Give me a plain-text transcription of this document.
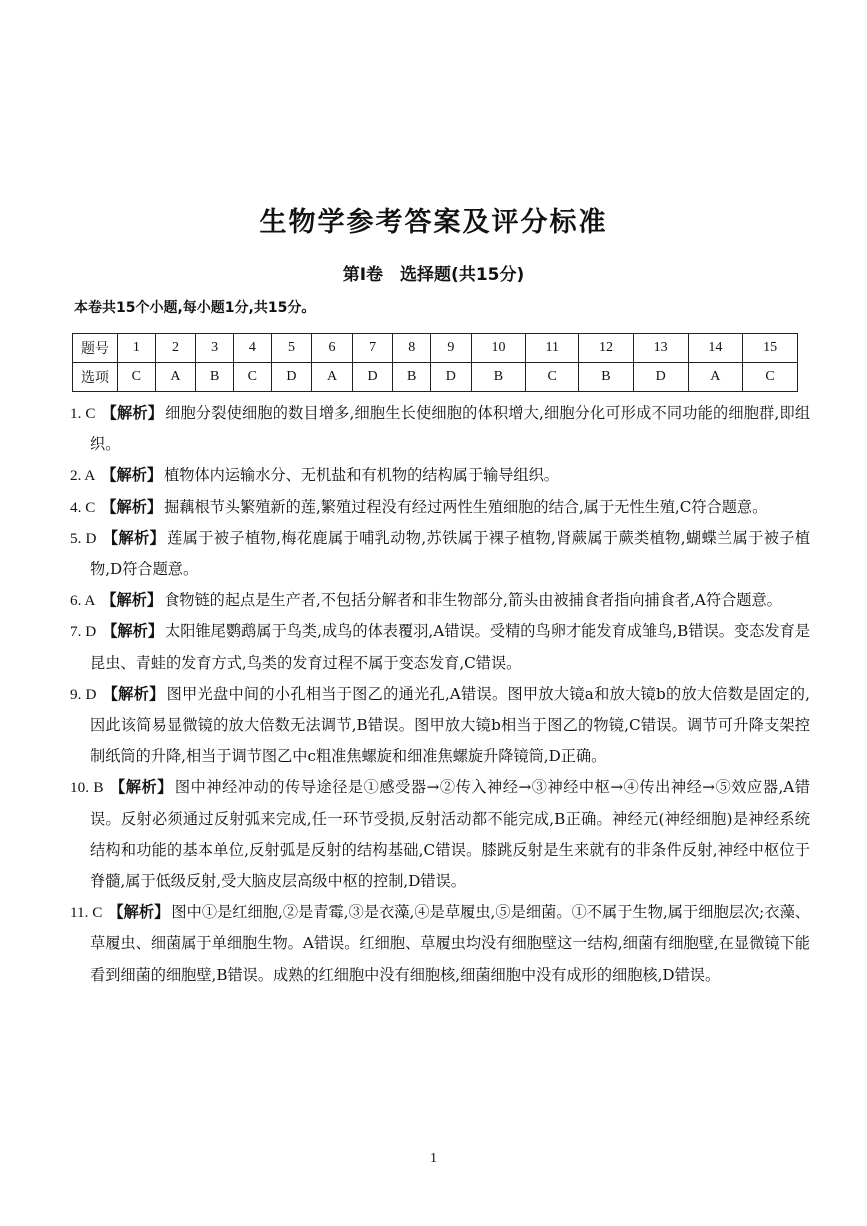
生物学参考答案及评分标准
第Ⅰ卷　选择题(共15分)
本卷共15个小题,每小题1分,共15分。
题号	1	2	3	4	5	6	7	8	9	10	11	12	13	14	15
选项	C	A	B	C	D	A	D	B	D	B	C	B	D	A	C

1. C 【解析】 细胞分裂使细胞的数目增多,细胞生长使细胞的体积增大,细胞分化可形成不同功能的细胞群,即组织。

2. A 【解析】 植物体内运输水分、无机盐和有机物的结构属于输导组织。

4. C 【解析】 掘藕根节头繁殖新的莲,繁殖过程没有经过两性生殖细胞的结合,属于无性生殖,C符合题意。

5. D 【解析】 莲属于被子植物,梅花鹿属于哺乳动物,苏铁属于裸子植物,肾蕨属于蕨类植物,蝴蝶兰属于被子植物,D符合题意。

6. A 【解析】 食物链的起点是生产者,不包括分解者和非生物部分,箭头由被捕食者指向捕食者,A符合题意。

7. D 【解析】 太阳锥尾鹦鹉属于鸟类,成鸟的体表覆羽,A错误。受精的鸟卵才能发育成雏鸟,B错误。变态发育是昆虫、青蛙的发育方式,鸟类的发育过程不属于变态发育,C错误。

9. D 【解析】 图甲光盘中间的小孔相当于图乙的通光孔,A错误。图甲放大镜a和放大镜b的放大倍数是固定的,因此该简易显微镜的放大倍数无法调节,B错误。图甲放大镜b相当于图乙的物镜,C错误。调节可升降支架控制纸筒的升降,相当于调节图乙中c粗准焦螺旋和细准焦螺旋升降镜筒,D正确。

10. B 【解析】 图中神经冲动的传导途径是①感受器→②传入神经→③神经中枢→④传出神经→⑤效应器,A错误。反射必须通过反射弧来完成,任一环节受损,反射活动都不能完成,B正确。神经元(神经细胞)是神经系统结构和功能的基本单位,反射弧是反射的结构基础,C错误。膝跳反射是生来就有的非条件反射,神经中枢位于脊髓,属于低级反射,受大脑皮层高级中枢的控制,D错误。

11. C 【解析】 图中①是红细胞,②是青霉,③是衣藻,④是草履虫,⑤是细菌。①不属于生物,属于细胞层次;衣藻、草履虫、细菌属于单细胞生物。A错误。红细胞、草履虫均没有细胞壁这一结构,细菌有细胞壁,在显微镜下能看到细菌的细胞壁,B错误。成熟的红细胞中没有细胞核,细菌细胞中没有成形的细胞核,D错误。

1
